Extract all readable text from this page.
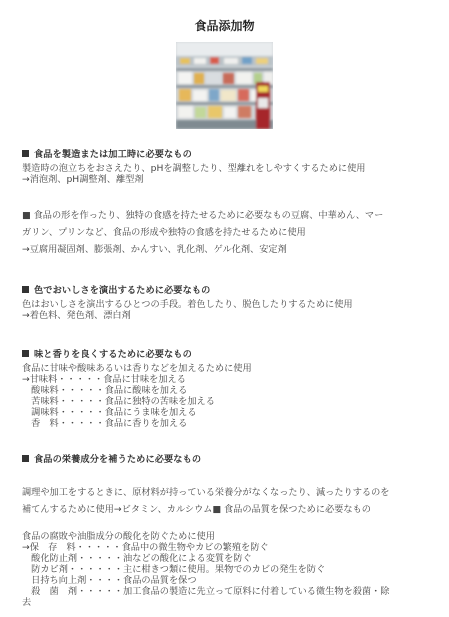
食品添加物
食品を製造または加工時に必要なもの
製造時の泡立ちをおさえたり、pHを調整したり、型離れをしやすくするために使用
→消泡剤、pH調整剤、離型剤
■ 食品の形を作ったり、独特の食感を持たせるために必要なもの豆腐、中華めん、マー
ガリン、プリンなど、食品の形成や独特の食感を持たせるために使用
→豆腐用凝固剤、膨張剤、かんすい、乳化剤、ゲル化剤、安定剤
色でおいしさを演出するために必要なもの
色はおいしさを演出するひとつの手段。着色したり、脱色したりするために使用
→着色料、発色剤、漂白剤
味と香りを良くするために必要なもの
食品に甘味や酸味あるいは香りなどを加えるために使用
→甘味料・・・・・食品に甘味を加える
　酸味料・・・・・食品に酸味を加える
　苦味料・・・・・食品に独特の苦味を加える
　調味料・・・・・食品にうま味を加える
　香　料・・・・・食品に香りを加える
食品の栄養成分を補うために必要なもの
調理や加工をするときに、原材料が持っている栄養分がなくなったり、減ったりするのを
補てんするために使用→ビタミン、カルシウム■ 食品の品質を保つために必要なもの
食品の腐敗や油脂成分の酸化を防ぐために使用
→保　存　料・・・・・食品中の微生物やカビの繁殖を防ぐ
　酸化防止剤・・・・・油などの酸化による変質を防ぐ
　防カビ剤・・・・・・主に柑きつ類に使用。果物でのカビの発生を防ぐ
　日持ち向上剤・・・・食品の品質を保つ
　殺　菌　剤・・・・・加工食品の製造に先立って原料に付着している微生物を殺菌・除
去
